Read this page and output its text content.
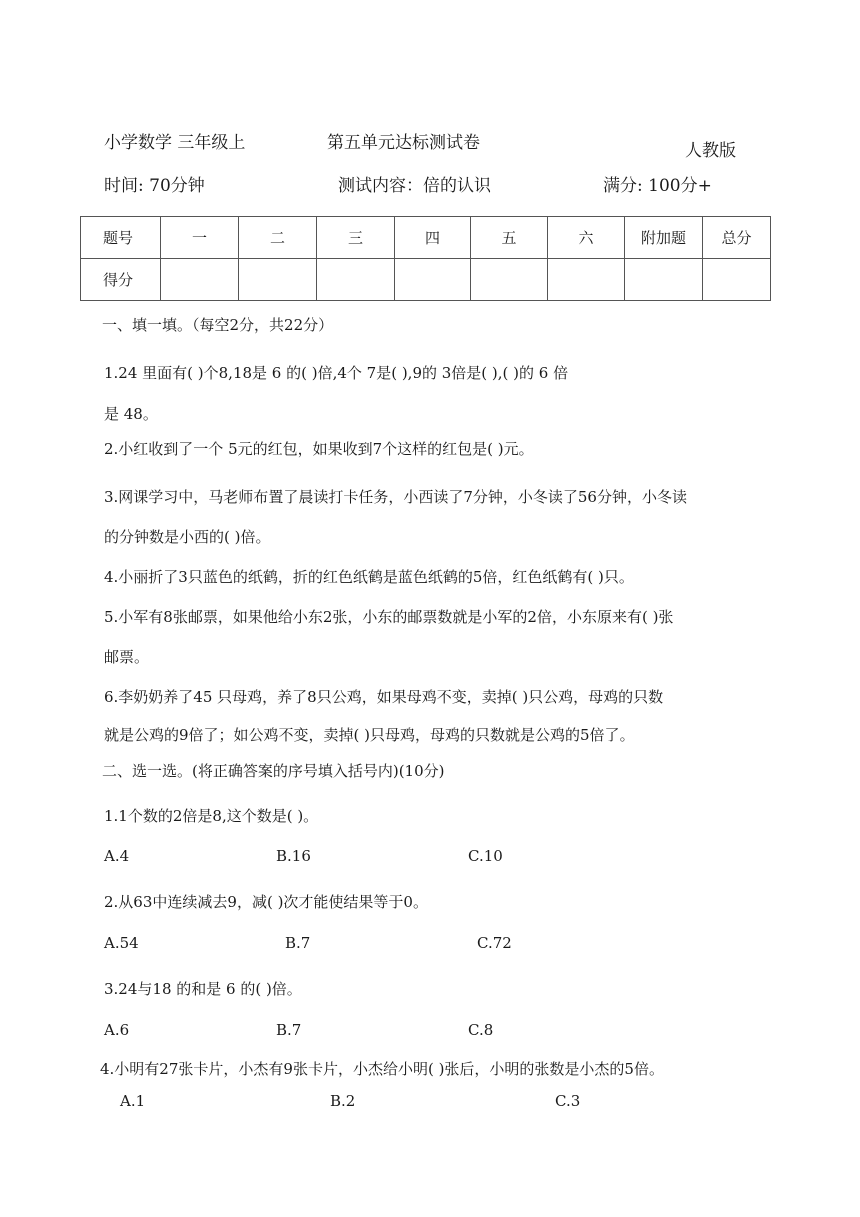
小学数学 三年级上	第五单元达标测试卷	人教版
时间: 70分钟	测试内容：倍的认识	满分: 100分+
题号	一	二	三	四	五	六	附加题	总分
得分								
一、填一填。（每空2分，共22分）
1.24 里面有( )个8,18是 6 的( )倍,4个 7是( ),9的 3倍是( ),( )的 6 倍
是 48。
2.小红收到了一个 5元的红包，如果收到7个这样的红包是( )元。
3.网课学习中，马老师布置了晨读打卡任务，小西读了7分钟，小冬读了56分钟，小冬读
的分钟数是小西的( )倍。
4.小丽折了3只蓝色的纸鹤，折的红色纸鹤是蓝色纸鹤的5倍，红色纸鹤有( )只。
5.小军有8张邮票，如果他给小东2张，小东的邮票数就是小军的2倍，小东原来有( )张
邮票。
6.李奶奶养了45 只母鸡，养了8只公鸡，如果母鸡不变，卖掉( )只公鸡，母鸡的只数
就是公鸡的9倍了；如公鸡不变，卖掉( )只母鸡，母鸡的只数就是公鸡的5倍了。
二、选一选。(将正确答案的序号填入括号内)(10分)
1.1个数的2倍是8,这个数是( )。
A.4	B.16	C.10
2.从63中连续减去9，减( )次才能使结果等于0。
A.54	B.7	C.72
3.24与18 的和是 6 的( )倍。
A.6	B.7	C.8
4.小明有27张卡片，小杰有9张卡片，小杰给小明( )张后，小明的张数是小杰的5倍。
A.1	B.2	C.3
